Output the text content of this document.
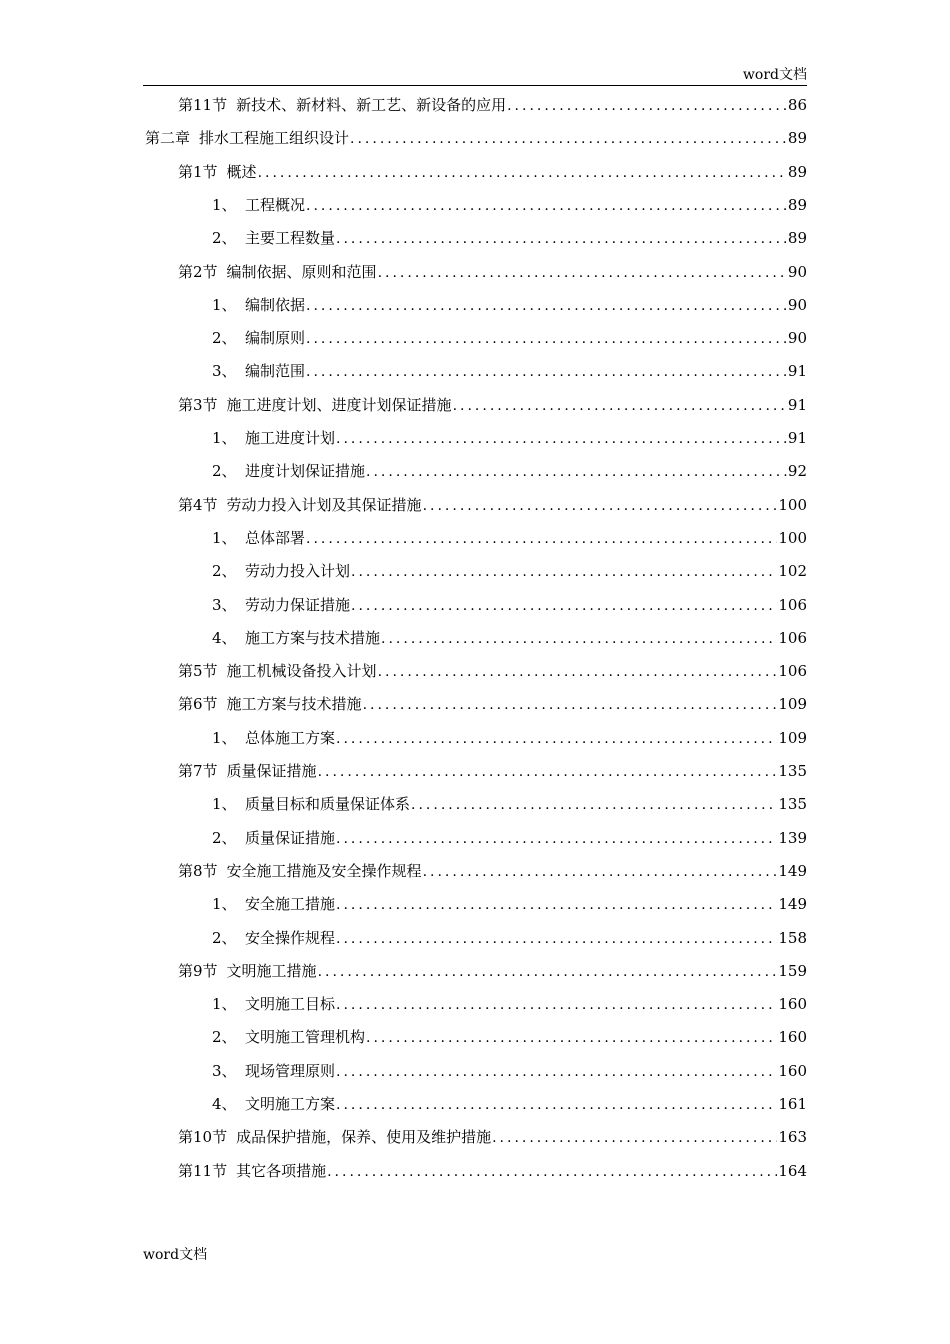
word文档
第11节 新技术、新材料、新工艺、新设备的应用 .....	86
第二章 排水工程施工组织设计 .....	89
第1节 概述 .....	89
1、 工程概况 .....	89
2、 主要工程数量 .....	89
第2节 编制依据、原则和范围 .....	90
1、 编制依据 .....	90
2、 编制原则 .....	90
3、 编制范围 .....	91
第3节 施工进度计划、进度计划保证措施 .....	91
1、 施工进度计划 .....	91
2、 进度计划保证措施 .....	92
第4节 劳动力投入计划及其保证措施 .....	100
1、 总体部署 .....	100
2、 劳动力投入计划 .....	102
3、 劳动力保证措施 .....	106
4、 施工方案与技术措施 .....	106
第5节 施工机械设备投入计划 .....	106
第6节 施工方案与技术措施 .....	109
1、 总体施工方案 .....	109
第7节 质量保证措施 .....	135
1、 质量目标和质量保证体系 .....	135
2、 质量保证措施 .....	139
第8节 安全施工措施及安全操作规程 .....	149
1、 安全施工措施 .....	149
2、 安全操作规程 .....	158
第9节 文明施工措施 .....	159
1、 文明施工目标 .....	160
2、 文明施工管理机构 .....	160
3、 现场管理原则 .....	160
4、 文明施工方案 .....	161
第10节 成品保护措施，保养、使用及维护措施 .....	163
第11节 其它各项措施 .....	164
word文档
